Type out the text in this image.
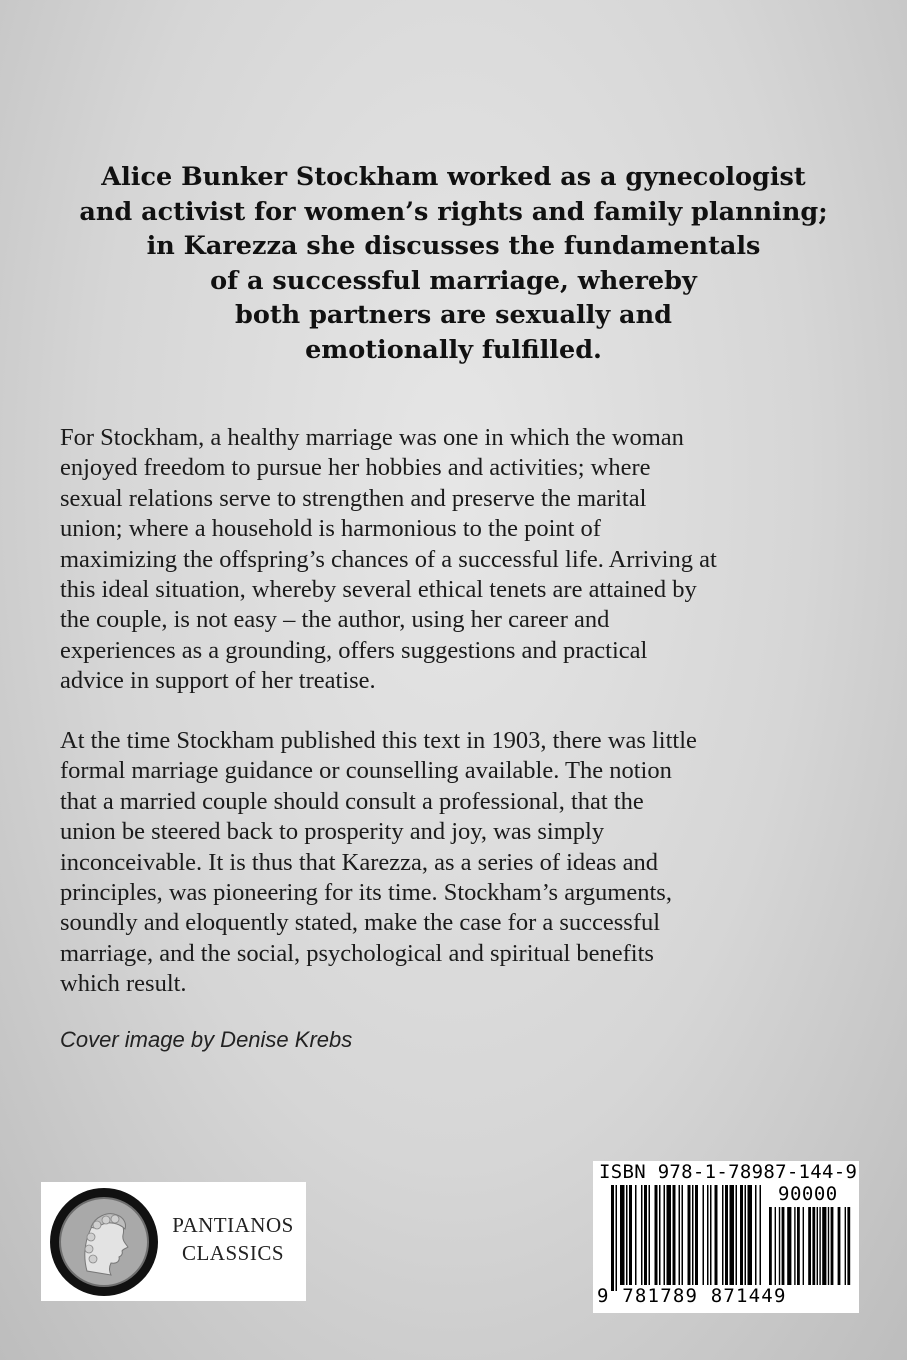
Alice Bunker Stockham worked as a gynecologist
and activist for women’s rights and family planning;
in Karezza she discusses the fundamentals
of a successful marriage, whereby
both partners are sexually and
emotionally fulfilled.
For Stockham, a healthy marriage was one in which the woman
enjoyed freedom to pursue her hobbies and activities; where
sexual relations serve to strengthen and preserve the marital
union; where a household is harmonious to the point of
maximizing the offspring’s chances of a successful life. Arriving at
this ideal situation, whereby several ethical tenets are attained by
the couple, is not easy – the author, using her career and
experiences as a grounding, offers suggestions and practical
advice in support of her treatise.
At the time Stockham published this text in 1903, there was little
formal marriage guidance or counselling available. The notion
that a married couple should consult a professional, that the
union be steered back to prosperity and joy, was simply
inconceivable. It is thus that Karezza, as a series of ideas and
principles, was pioneering for its time. Stockham’s arguments,
soundly and eloquently stated, make the case for a successful
marriage, and the social, psychological and spiritual benefits
which result.
Cover image by Denise Krebs
PANTIANOS
CLASSICS
ISBN 978-1-78987-144-9
90000
9 781789 871449
